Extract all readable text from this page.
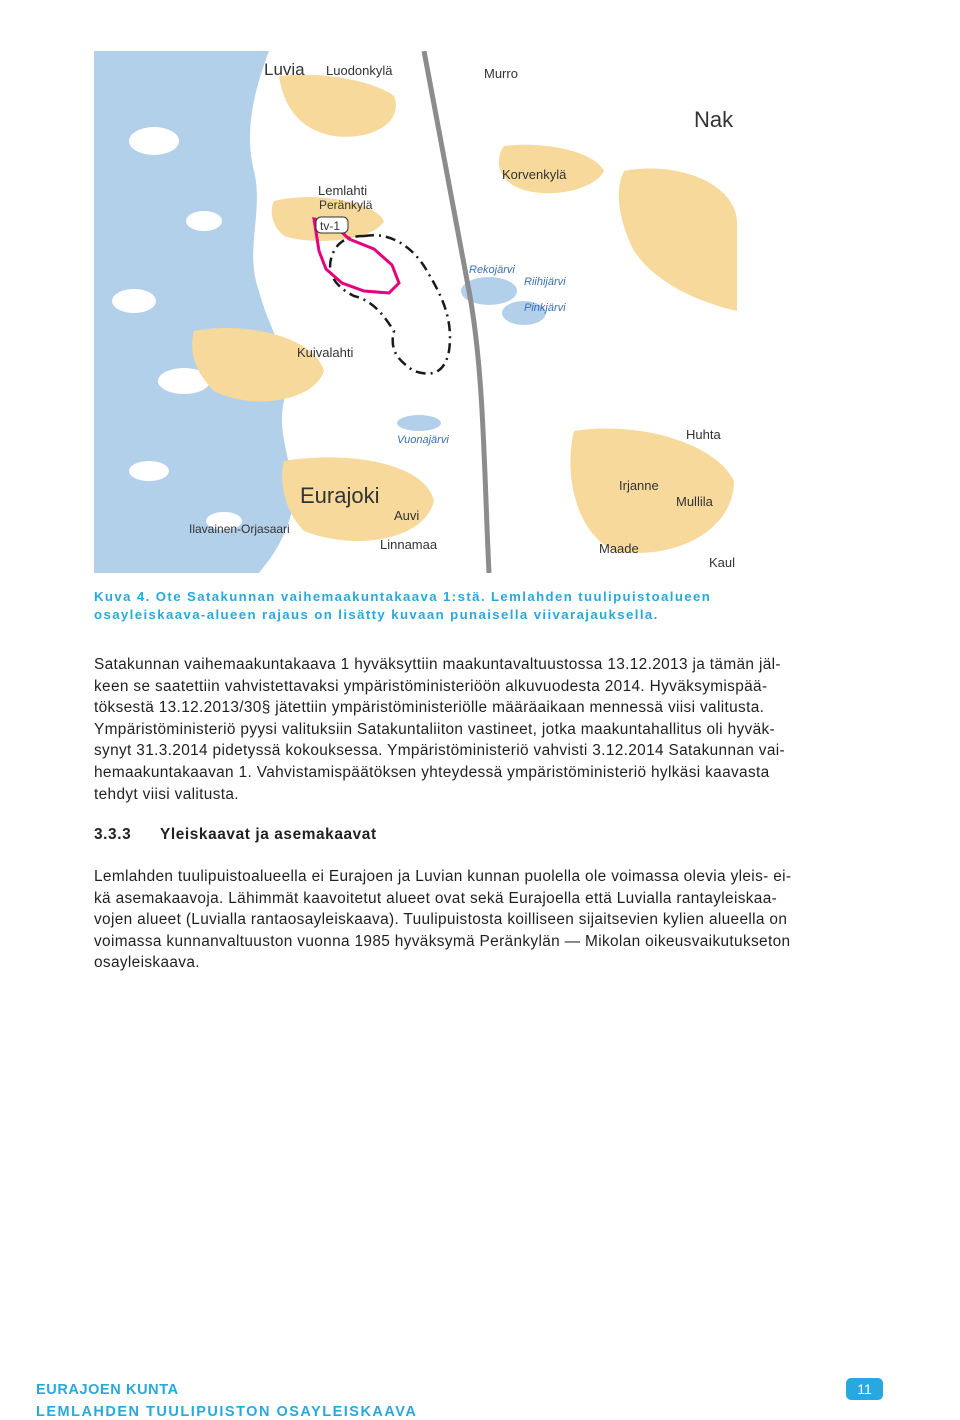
Luvia Luodonkylä	Murro
Nak
Korvenkylä
Lemlahti
tv-1
Rekojärvi
Riihijärvi
Pinkjärvi
Kuivalahti
Vuonajärvi	Huhta
Eurajoki	Irjanne
Mullila
Auvi
Ilavainen-Orjasaari
Linnamaa	Maade
Kaul
Peränkylä
Kuva 4. Ote Satakunnan vaihemaakuntakaava 1:stä. Lemlahden tuulipuistoalueen
osayleiskaava-alueen rajaus on lisätty kuvaan punaisella viivarajauksella.
Satakunnan vaihemaakuntakaava 1 hyväksyttiin maakuntavaltuustossa 13.12.2013 ja tämän jäl-
keen se saatettiin vahvistettavaksi ympäristöministeriöön alkuvuodesta 2014. Hyväksymispää-
töksestä 13.12.2013/30§ jätettiin ympäristöministeriölle määräaikaan mennessä viisi valitusta.
Ympäristöministeriö pyysi valituksiin Satakuntaliiton vastineet, jotka maakuntahallitus oli hyväk-
synyt 31.3.2014 pidetyssä kokouksessa. Ympäristöministeriö vahvisti 3.12.2014 Satakunnan vai-
hemaakuntakaavan 1. Vahvistamispäätöksen yhteydessä ympäristöministeriö hylkäsi kaavasta
tehdyt viisi valitusta.
3.3.3 Yleiskaavat ja asemakaavat
Lemlahden tuulipuistoalueella ei Eurajoen ja Luvian kunnan puolella ole voimassa olevia yleis- ei-
kä asemakaavoja. Lähimmät kaavoitetut alueet ovat sekä Eurajoella että Luvialla rantayleiskaa-
vojen alueet (Luvialla rantaosayleiskaava). Tuulipuistosta koilliseen sijaitsevien kylien alueella on
voimassa kunnanvaltuuston vuonna 1985 hyväksymä Peränkylän — Mikolan oikeusvaikutukseton
osayleiskaava.
EURAJOEN KUNTA
LEMLAHDEN TUULIPUISTON OSAYLEISKAAVA
11
